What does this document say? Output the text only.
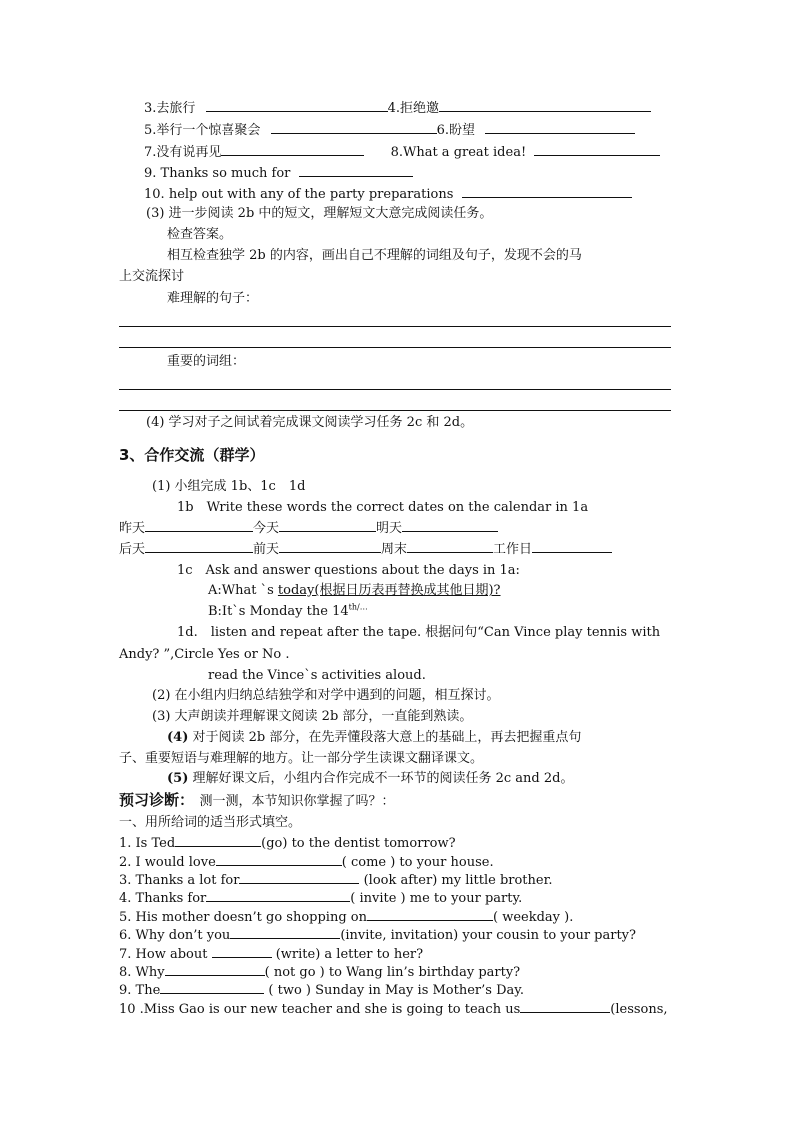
3.去旅行	4.拒绝邀
5.举行一个惊喜聚会	6.盼望
7.没有说再见	8.What a great idea!
9. Thanks so much for
10. help out with any of the party preparations
(3) 进一步阅读 2b 中的短文，理解短文大意完成阅读任务。
检查答案。
相互检查独学 2b 的内容，画出自己不理解的词组及句子，发现不会的马
上交流探讨
难理解的句子：
重要的词组：
(4) 学习对子之间试着完成课文阅读学习任务 2c 和 2d。
3、合作交流（群学）
(1) 小组完成 1b、1c　1d
1b　Write these words the correct dates on the calendar in 1a
昨天	今天	明天
后天	前天	周末	工作日
1c　Ask and answer questions about the days in 1a:
A:What `s today(根据日历表再替换成其他日期)?
B:It`s Monday the $14^{th/\dots}$
1d.　listen and repeat after the tape. 根据问句“Can Vince play tennis with
Andy? ”,Circle Yes or No .
read the Vince`s activities aloud.
(2) 在小组内归纳总结独学和对学中遇到的问题，相互探讨。
(3) 大声朗读并理解课文阅读 2b 部分，一直能到熟读。
(4) 对于阅读 2b 部分，在先弄懂段落大意上的基础上，再去把握重点句
子、重要短语与难理解的地方。让一部分学生读课文翻译课文。
(5) 理解好课文后，小组内合作完成不一环节的阅读任务 2c and 2d。
预习诊断：　测一测，本节知识你掌握了吗？：
一、用所给词的适当形式填空。
1. Is Ted	(go) to the dentist tomorrow?
2. I would love	( come ) to your house.
3. Thanks a lot for	(look after) my little brother.
4. Thanks for	( invite ) me to your party.
5. His mother doesn’t go shopping on	( weekday ).
6. Why don’t you	(invite, invitation) your cousin to your party?
7. How about	(write) a letter to her?
8. Why	( not go ) to Wang lin’s birthday party?
9. The	( two ) Sunday in May is Mother’s Day.
10 .Miss Gao is our new teacher and she is going to teach us	(lessons,
